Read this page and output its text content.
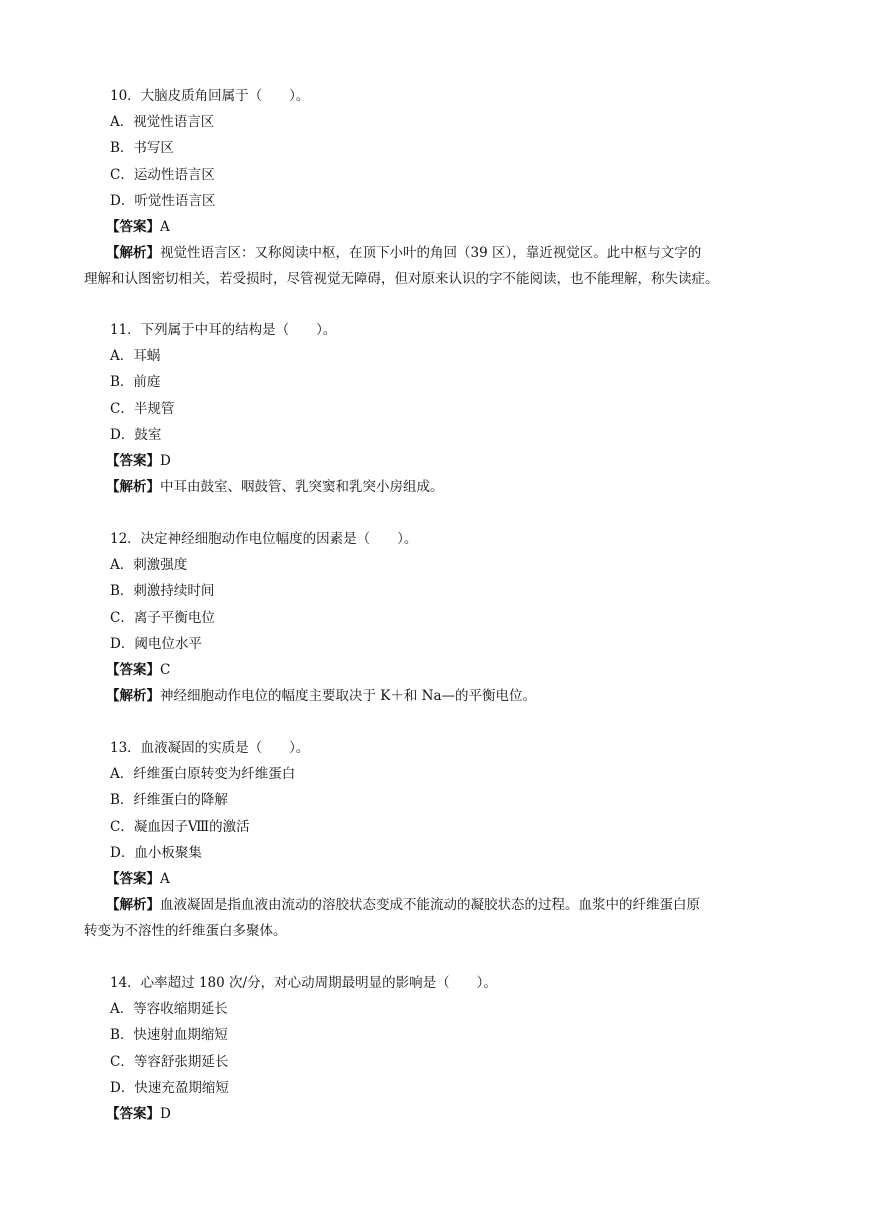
10．大脑皮质角回属于（　　）。
A．视觉性语言区
B．书写区
C．运动性语言区
D．听觉性语言区
【答案】A
【解析】视觉性语言区：又称阅读中枢，在顶下小叶的角回（39 区），靠近视觉区。此中枢与文字的
理解和认图密切相关，若受损时，尽管视觉无障碍，但对原来认识的字不能阅读，也不能理解，称失读症。
11．下列属于中耳的结构是（　　）。
A．耳蜗
B．前庭
C．半规管
D．鼓室
【答案】D
【解析】中耳由鼓室、咽鼓管、乳突窦和乳突小房组成。
12．决定神经细胞动作电位幅度的因素是（　　）。
A．刺激强度
B．刺激持续时间
C．离子平衡电位
D．阈电位水平
【答案】C
【解析】神经细胞动作电位的幅度主要取决于 K＋和 Na—的平衡电位。
13．血液凝固的实质是（　　）。
A．纤维蛋白原转变为纤维蛋白
B．纤维蛋白的降解
C．凝血因子Ⅷ的激活
D．血小板聚集
【答案】A
【解析】血液凝固是指血液由流动的溶胶状态变成不能流动的凝胶状态的过程。血浆中的纤维蛋白原
转变为不溶性的纤维蛋白多聚体。
14．心率超过 180 次/分，对心动周期最明显的影响是（　　）。
A．等容收缩期延长
B．快速射血期缩短
C．等容舒张期延长
D．快速充盈期缩短
【答案】D
